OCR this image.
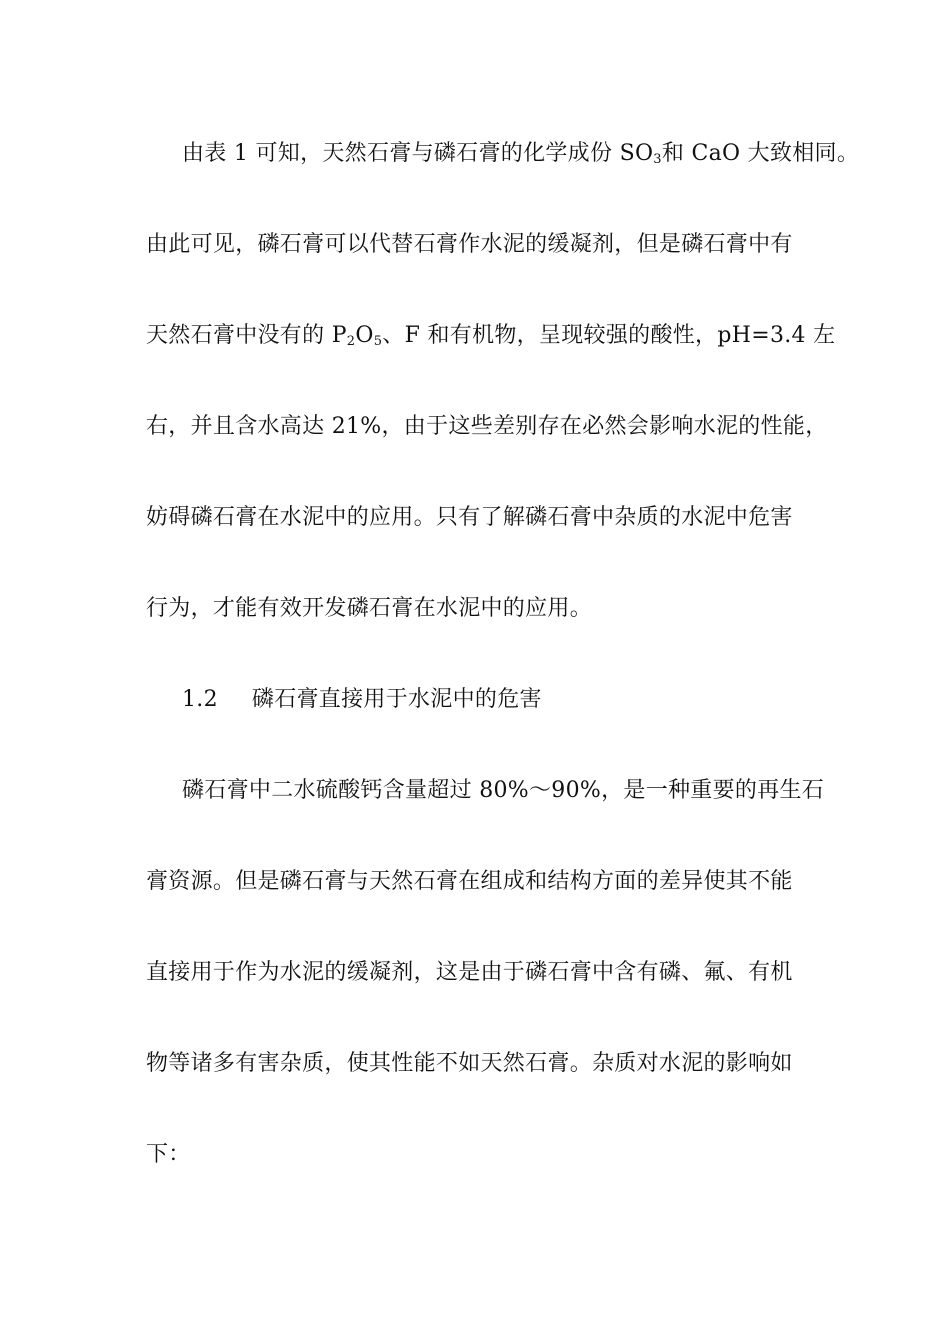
由表 1 可知，天然石膏与磷石膏的化学成份 $SO_3$和 CaO 大致相同。
由此可见，磷石膏可以代替石膏作水泥的缓凝剂，但是磷石膏中有
天然石膏中没有的 $P_2O_5$、F 和有机物，呈现较强的酸性，pH=3.4 左
右，并且含水高达 21%，由于这些差别存在必然会影响水泥的性能，
妨碍磷石膏在水泥中的应用。只有了解磷石膏中杂质的水泥中危害
行为，才能有效开发磷石膏在水泥中的应用。
1.2 磷石膏直接用于水泥中的危害
磷石膏中二水硫酸钙含量超过 80%～90%，是一种重要的再生石
膏资源。但是磷石膏与天然石膏在组成和结构方面的差异使其不能
直接用于作为水泥的缓凝剂，这是由于磷石膏中含有磷、氟、有机
物等诸多有害杂质，使其性能不如天然石膏。杂质对水泥的影响如
下：
